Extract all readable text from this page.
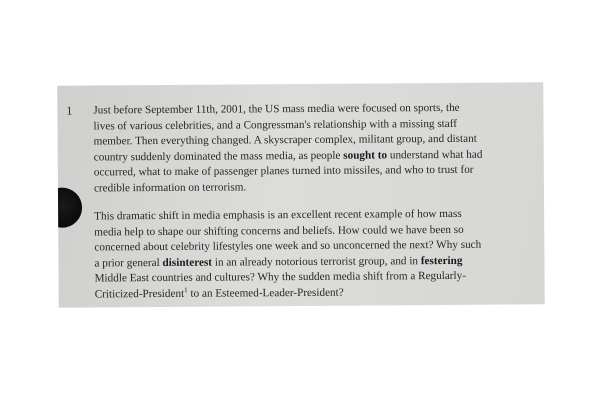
1 Just before September 11th, 2001, the US mass media were focused on sports, the
lives of various celebrities, and a Congressman's relationship with a missing staff
member. Then everything changed. A skyscraper complex, militant group, and distant
country suddenly dominated the mass media, as people sought to understand what had
occurred, what to make of passenger planes turned into missiles, and who to trust for
credible information on terrorism.

This dramatic shift in media emphasis is an excellent recent example of how mass
media help to shape our shifting concerns and beliefs. How could we have been so
concerned about celebrity lifestyles one week and so unconcerned the next? Why such
a prior general disinterest in an already notorious terrorist group, and in festering
Middle East countries and cultures? Why the sudden media shift from a Regularly-
Criticized-President$^1$ to an Esteemed-Leader-President?
